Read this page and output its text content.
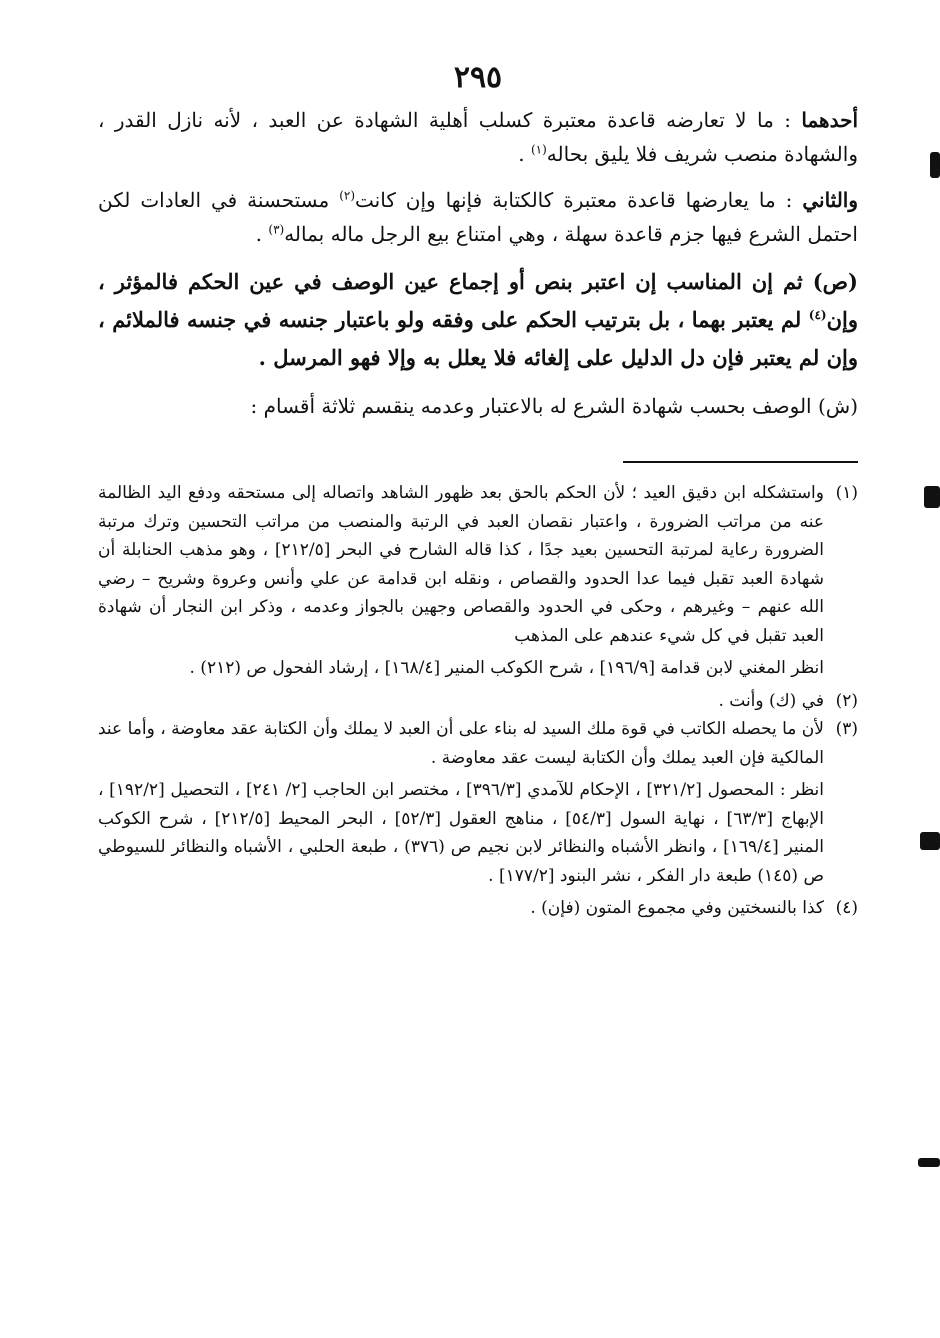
٢٩٥

أحدهما : ما لا تعارضه قاعدة معتبرة كسلب أهلية الشهادة عن العبد ، لأنه نازل القدر ، والشهادة منصب شريف فلا يليق بحاله$^{(١)}$ .

والثاني : ما يعارضها قاعدة معتبرة كالكتابة فإنها وإن كانت$^{(٢)}$ مستحسنة في العادات لكن احتمل الشرع فيها جزم قاعدة سهلة ، وهي امتناع بيع الرجل ماله بماله$^{(٣)}$ .

(ص) ثم إن المناسب إن اعتبر بنص أو إجماع عين الوصف في عين الحكم فالمؤثر ، وإن$^{(٤)}$ لم يعتبر بهما ، بل بترتيب الحكم على وفقه ولو باعتبار جنسه في جنسه فالملائم ، وإن لم يعتبر فإن دل الدليل على إلغائه فلا يعلل به وإلا فهو المرسل .

(ش) الوصف بحسب شهادة الشرع له بالاعتبار وعدمه ينقسم ثلاثة أقسام :

(١)
واستشكله ابن دقيق العيد ؛ لأن الحكم بالحق بعد ظهور الشاهد واتصاله إلى مستحقه ودفع اليد الظالمة عنه من مراتب الضرورة ، واعتبار نقصان العبد في الرتبة والمنصب من مراتب التحسين وترك مرتبة الضرورة رعاية لمرتبة التحسين بعيد جدًا ، كذا قاله الشارح في البحر [٢١٢/٥] ، وهو مذهب الحنابلة أن شهادة العبد تقبل فيما عدا الحدود والقصاص ، ونقله ابن قدامة عن علي وأنس وعروة وشريح – رضي الله عنهم – وغيرهم ، وحكى في الحدود والقصاص وجهين بالجواز وعدمه ، وذكر ابن النجار أن شهادة العبد تقبل في كل شيء عندهم على المذهب

انظر المغني لابن قدامة [١٩٦/٩] ، شرح الكوكب المنير [١٦٨/٤] ، إرشاد الفحول ص (٢١٢) .

(٢)
في (ك) وأنت .
(٣)
لأن ما يحصله الكاتب في قوة ملك السيد له بناء على أن العبد لا يملك وأن الكتابة عقد معاوضة ، وأما عند المالكية فإن العبد يملك وأن الكتابة ليست عقد معاوضة .

انظر : المحصول [٣٢١/٢] ، الإحكام للآمدي [٣٩٦/٣] ، مختصر ابن الحاجب [٢/ ٢٤١] ، التحصيل [١٩٢/٢] ، الإبهاج [٦٣/٣] ، نهاية السول [٥٤/٣] ، مناهج العقول [٥٢/٣] ، البحر المحيط [٢١٢/٥] ، شرح الكوكب المنير [١٦٩/٤] ، وانظر الأشباه والنظائر لابن نجيم ص (٣٧٦) ، طبعة الحلبي ، الأشباه والنظائر للسيوطي ص (١٤٥) طبعة دار الفكر ، نشر البنود [١٧٧/٢] .

(٤)
كذا بالنسختين وفي مجموع المتون (فإن) .
